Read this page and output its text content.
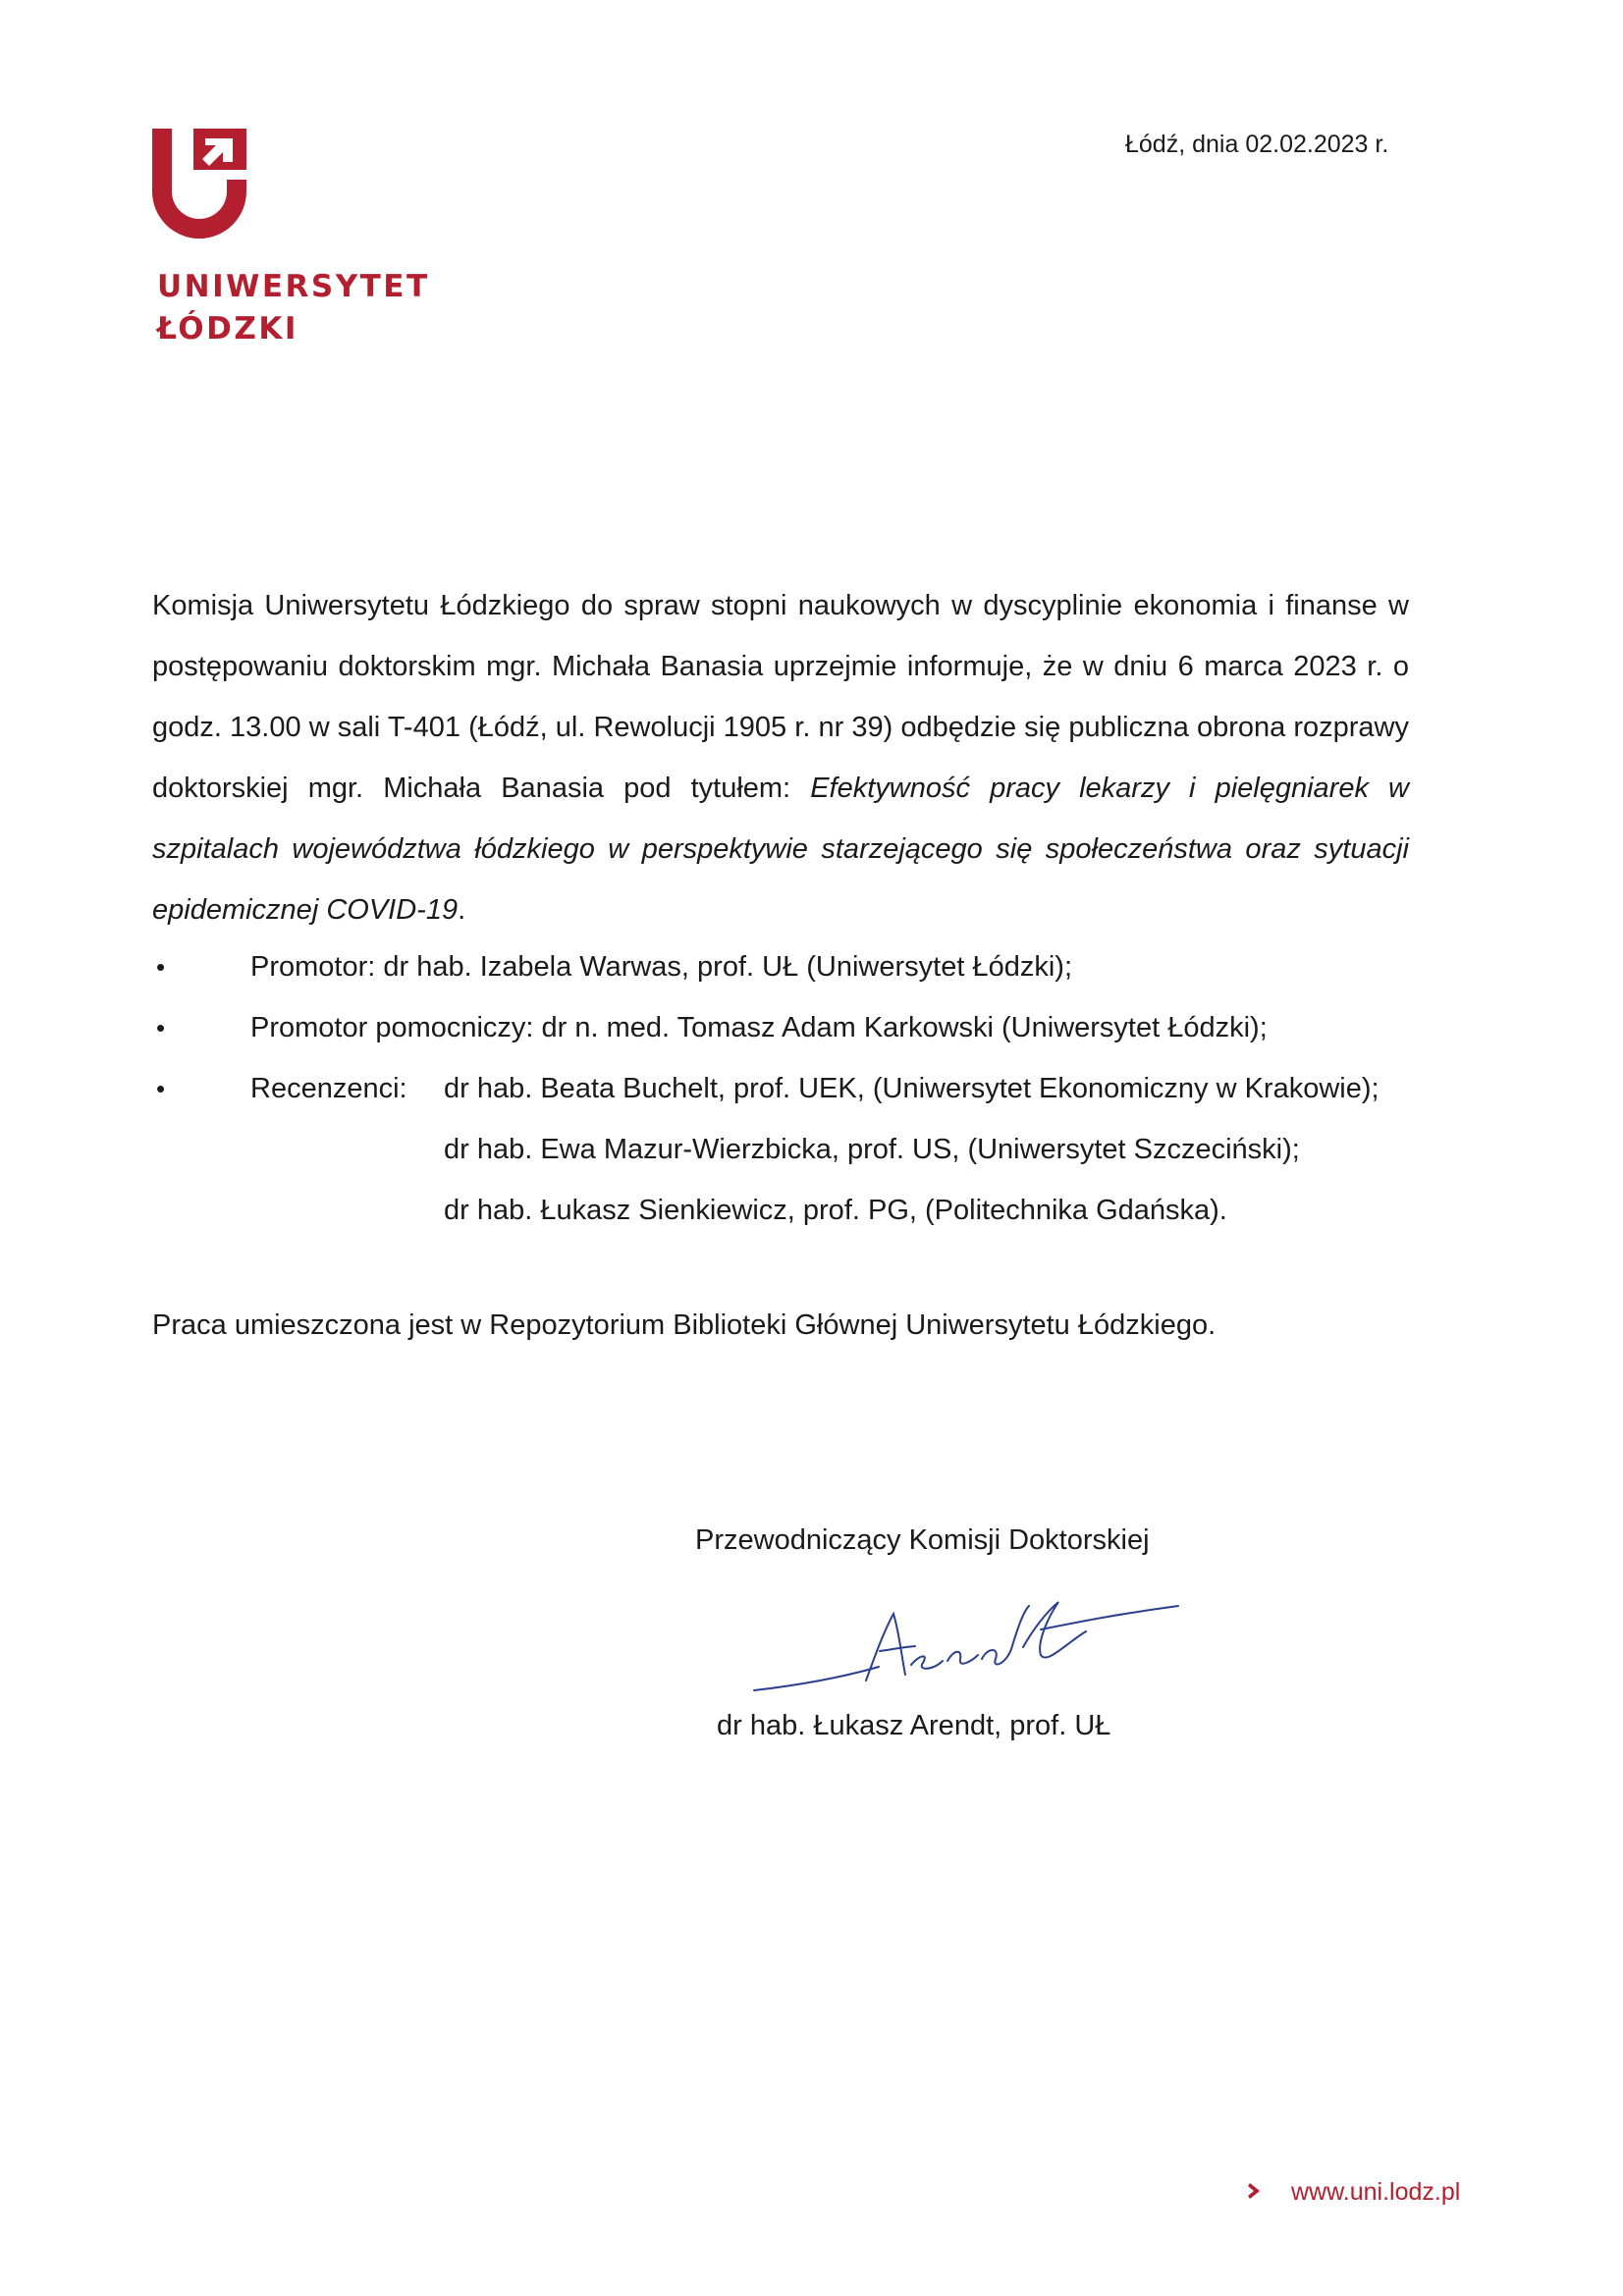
UNIWERSYTET
ŁÓDZKI
Łódź, dnia 02.02.2023 r.

Komisja Uniwersytetu Łódzkiego do spraw stopni naukowych w dyscyplinie ekonomia i finanse w postępowaniu doktorskim mgr. Michała Banasia uprzejmie informuje, że w dniu 6 marca 2023 r. o godz. 13.00 w sali T-401 (Łódź, ul. Rewolucji 1905 r. nr 39) odbędzie się publiczna obrona rozprawy doktorskiej mgr. Michała Banasia pod tytułem: Efektywność pracy lekarzy i pielęgniarek w szpitalach województwa łódzkiego w perspektywie starzejącego się społeczeństwa oraz sytuacji epidemicznej COVID-19.

•	Promotor: dr hab. Izabela Warwas, prof. UŁ (Uniwersytet Łódzki);
•	Promotor pomocniczy: dr n. med. Tomasz Adam Karkowski (Uniwersytet Łódzki);
•	Recenzenci: dr hab. Beata Buchelt, prof. UEK, (Uniwersytet Ekonomiczny w Krakowie);
dr hab. Ewa Mazur-Wierzbicka, prof. US, (Uniwersytet Szczeciński);
dr hab. Łukasz Sienkiewicz, prof. PG, (Politechnika Gdańska).
Praca umieszczona jest w Repozytorium Biblioteki Głównej Uniwersytetu Łódzkiego.
Przewodniczący Komisji Doktorskiej
dr hab. Łukasz Arendt, prof. UŁ
www.uni.lodz.pl
